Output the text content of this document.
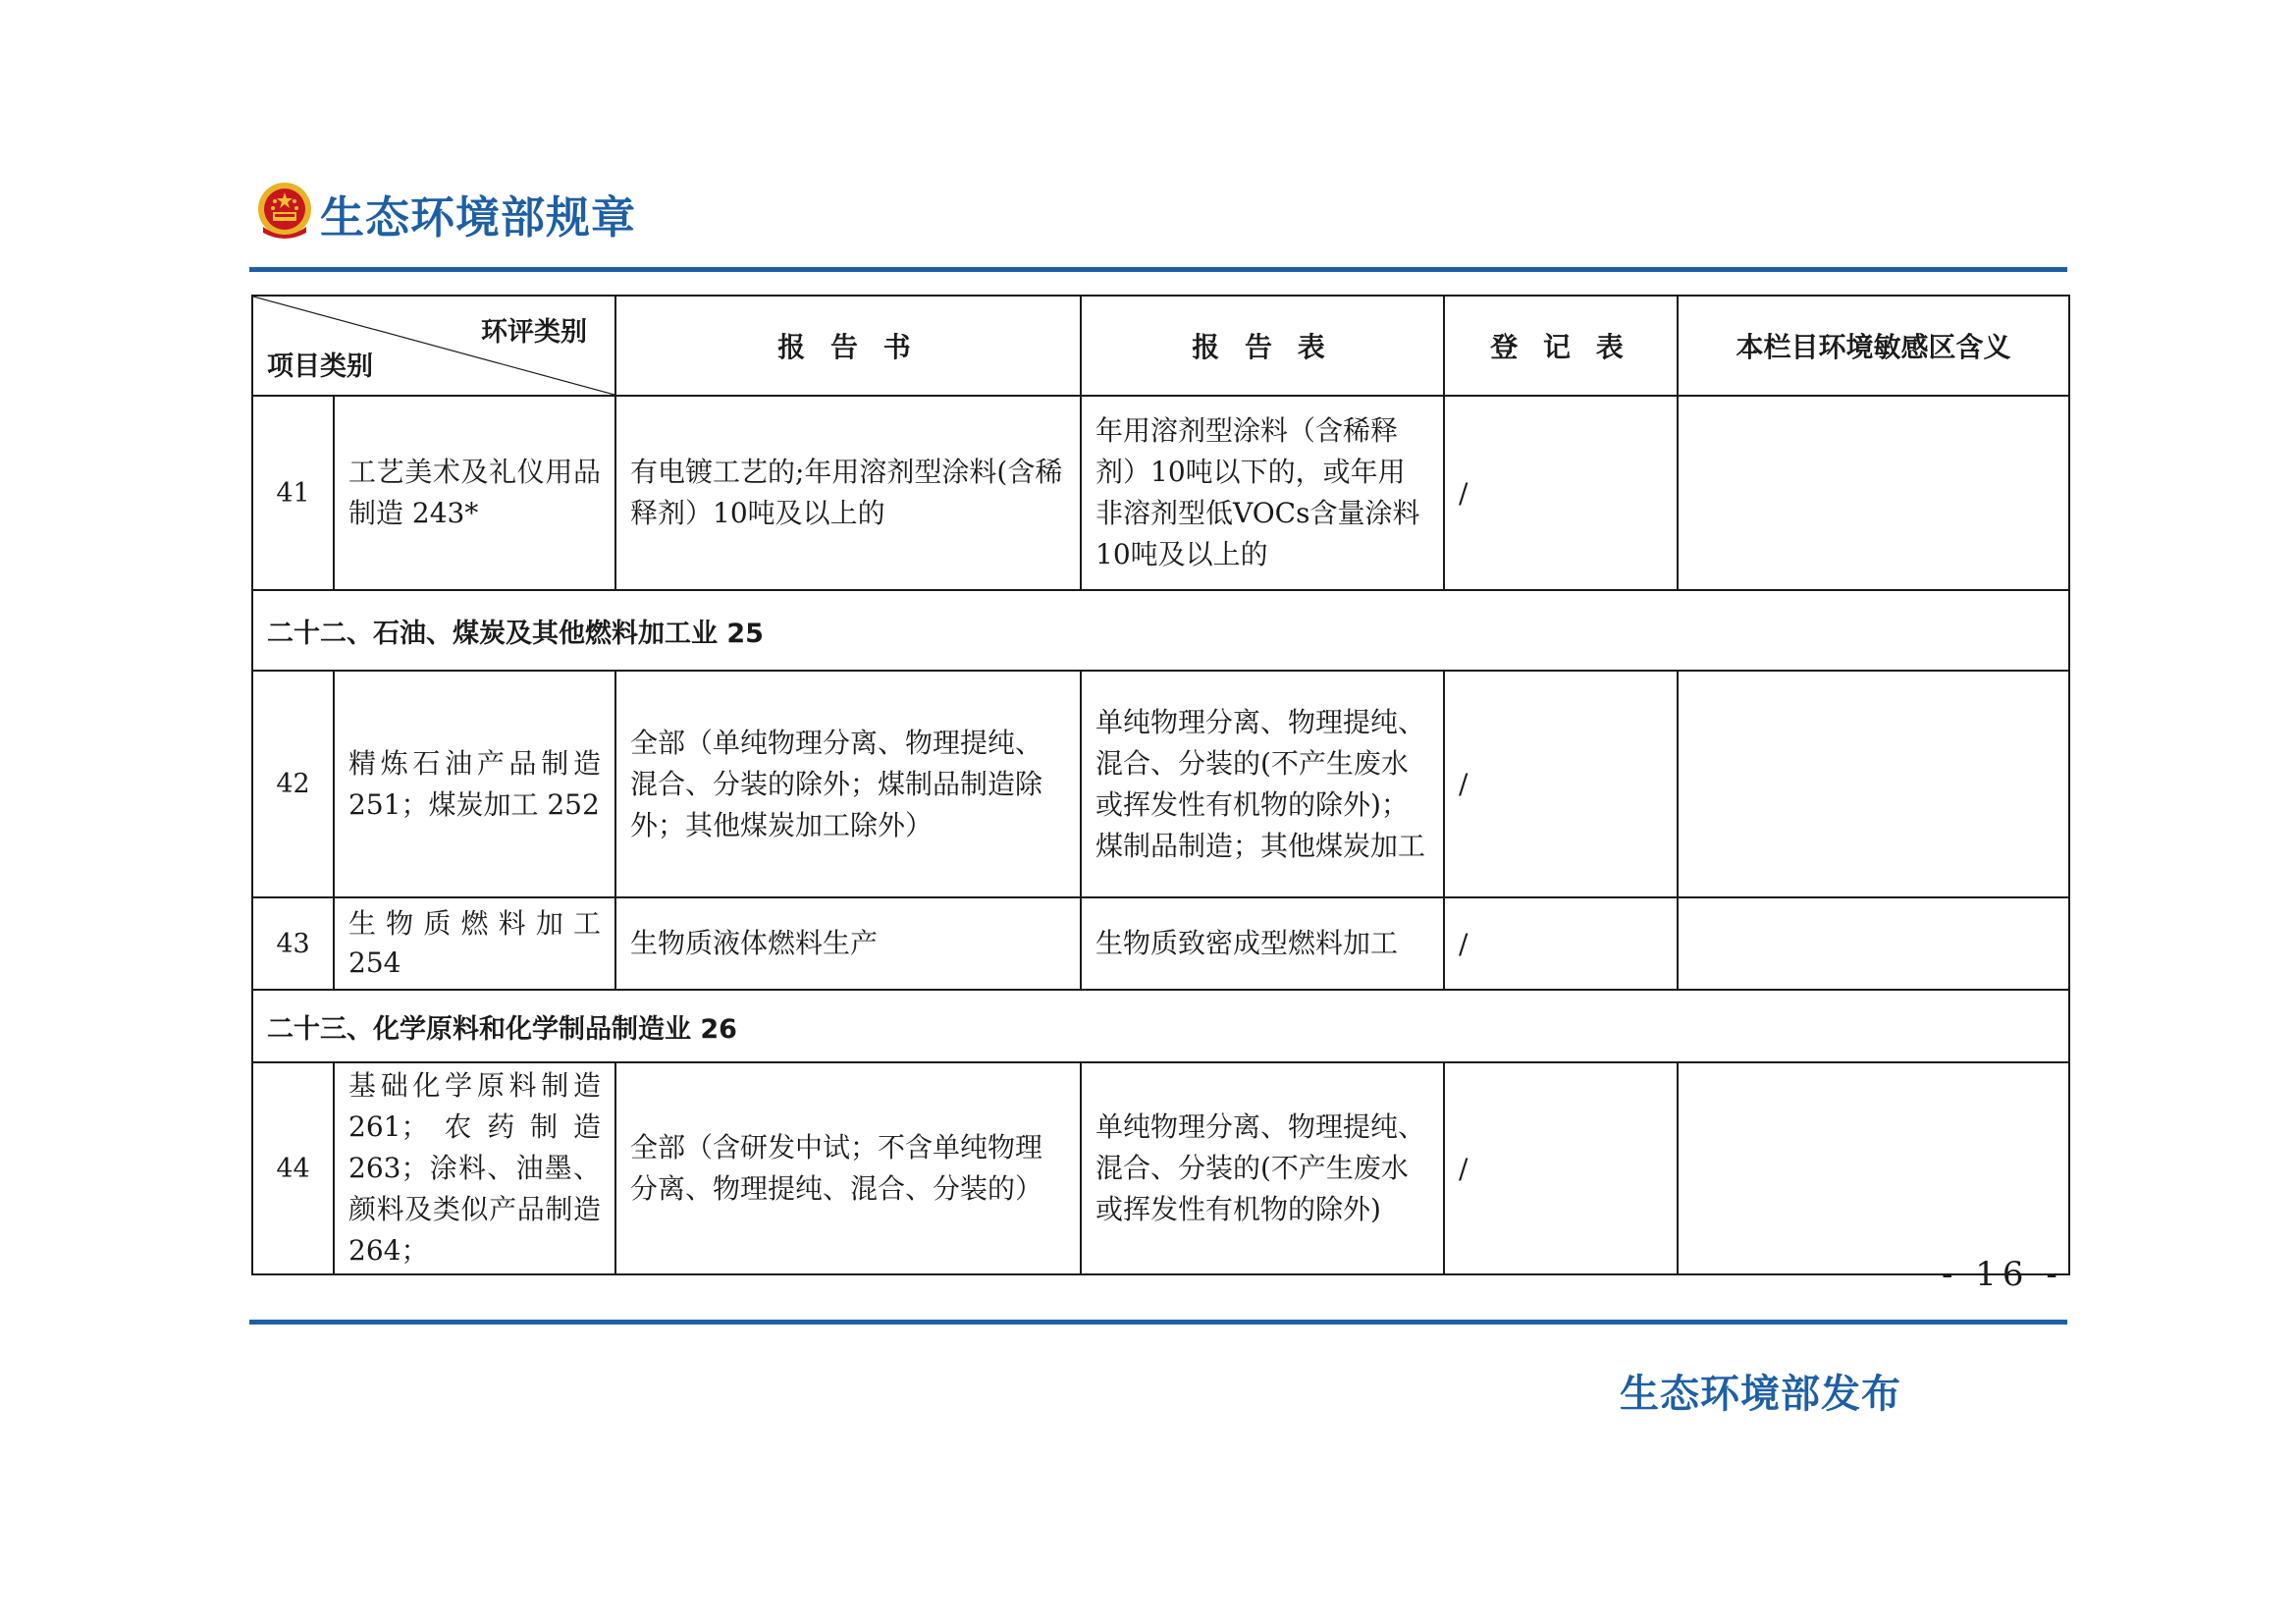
生态环境部规章
环评类别
项目类别		报 告 书	报 告 表	登 记 表	本栏目环境敏感区含义
41	工艺美术及礼仪用品制造 243*	有电镀工艺的;年用溶剂型涂料(含稀释剂）10吨及以上的	年用溶剂型涂料（含稀释剂）10吨以下的，或年用非溶剂型低VOCs含量涂料10吨及以上的	/	
二十二、石油、煤炭及其他燃料加工业 25					
42	精炼石油产品制造 251；煤炭加工 252	全部（单纯物理分离、物理提纯、混合、分装的除外；煤制品制造除外；其他煤炭加工除外）	单纯物理分离、物理提纯、混合、分装的(不产生废水或挥发性有机物的除外)；煤制品制造；其他煤炭加工	/	
43	生物质燃料加工 254	生物质液体燃料生产	生物质致密成型燃料加工	/	
二十三、化学原料和化学制品制造业 26					
44	基础化学原料制造 261；农药制造 263；涂料、油墨、颜料及类似产品制造 264；	全部（含研发中试；不含单纯物理分离、物理提纯、混合、分装的）	单纯物理分离、物理提纯、混合、分装的(不产生废水或挥发性有机物的除外)	/	
- 16 -
生态环境部发布
